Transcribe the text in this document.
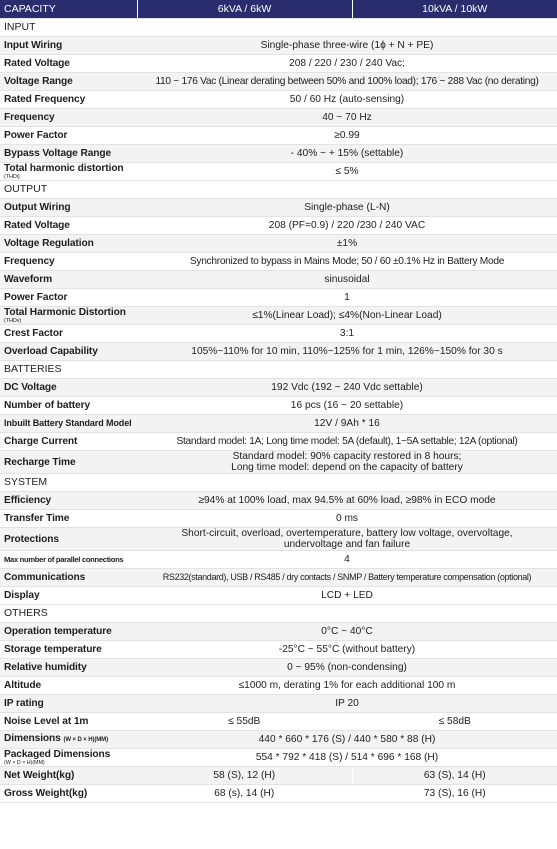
CAPACITY	6kVA / 6kW	10kVA / 10kW
INPUT		
Input Wiring	Single-phase three-wire (1ϕ + N + PE)	
Rated Voltage	208 / 220 / 230 / 240 Vac;	
Voltage Range	110 ~ 176 Vac (Linear derating between 50% and 100% load); 176 ~ 288 Vac (no derating)	
Rated Frequency	50 / 60 Hz (auto-sensing)	
Frequency	40 ~ 70 Hz	
Power Factor	≥0.99	
Bypass Voltage Range	- 40% ~ + 15% (settable)	
Total harmonic distortion
(THDi)	≤ 5%	
OUTPUT		
Output Wiring	Single-phase (L-N)	
Rated Voltage	208 (PF=0.9) / 220 /230 / 240 VAC	
Voltage Regulation	±1%	
Frequency	Synchronized to bypass in Mains Mode; 50 / 60 ±0.1% Hz in Battery Mode	
Waveform	sinusoidal	
Power Factor	1	
Total Harmonic Distortion
(THDv)	≤1%(Linear Load); ≤4%(Non-Linear Load)	
Crest Factor	3:1	
Overload Capability	105%~110% for 10 min, 110%~125% for 1 min, 126%~150% for 30 s	
BATTERIES		
DC Voltage	192 Vdc (192 ~ 240 Vdc settable)	
Number of battery	16 pcs (16 ~ 20 settable)	
Inbuilt Battery Standard Model	12V / 9Ah * 16	
Charge Current	Standard model: 1A; Long time model: 5A (default), 1~5A settable; 12A (optional)	
Recharge Time	Standard model: 90% capacity restored in 8 hours;
Long time model: depend on the capacity of battery	

SYSTEM		
Efficiency	≥94% at 100% load, max 94.5% at 60% load, ≥98% in ECO mode	
Transfer Time	0 ms	
Protections	Short-circuit, overload, overtemperature, battery low voltage, overvoltage,
undervoltage and fan failure	

Max number of parallel connections	4	
Communications	RS232(standard), USB / RS485 / dry contacts / SNMP / Battery temperature compensation (optional)	
Display	LCD + LED	
OTHERS		
Operation temperature	0°C ~ 40°C	
Storage temperature	-25°C ~ 55°C (without battery)	
Relative humidity	0 ~ 95% (non-condensing)	
Altitude	≤1000 m, derating 1% for each additional 100 m	
IP rating	IP 20	
Noise Level at 1m	≤ 55dB	≤ 58dB
Dimensions (W × D × H)(MM)	440 * 660 * 176 (S) / 440 * 580 * 88 (H)	
Packaged Dimensions
(W × D × H)(MM)	554 * 792 * 418 (S) / 514 * 696 * 168 (H)	
Net Weight(kg)	58 (S), 12 (H)	63 (S), 14 (H)
Gross Weight(kg)	68 (s), 14 (H)	73 (S), 16 (H)
